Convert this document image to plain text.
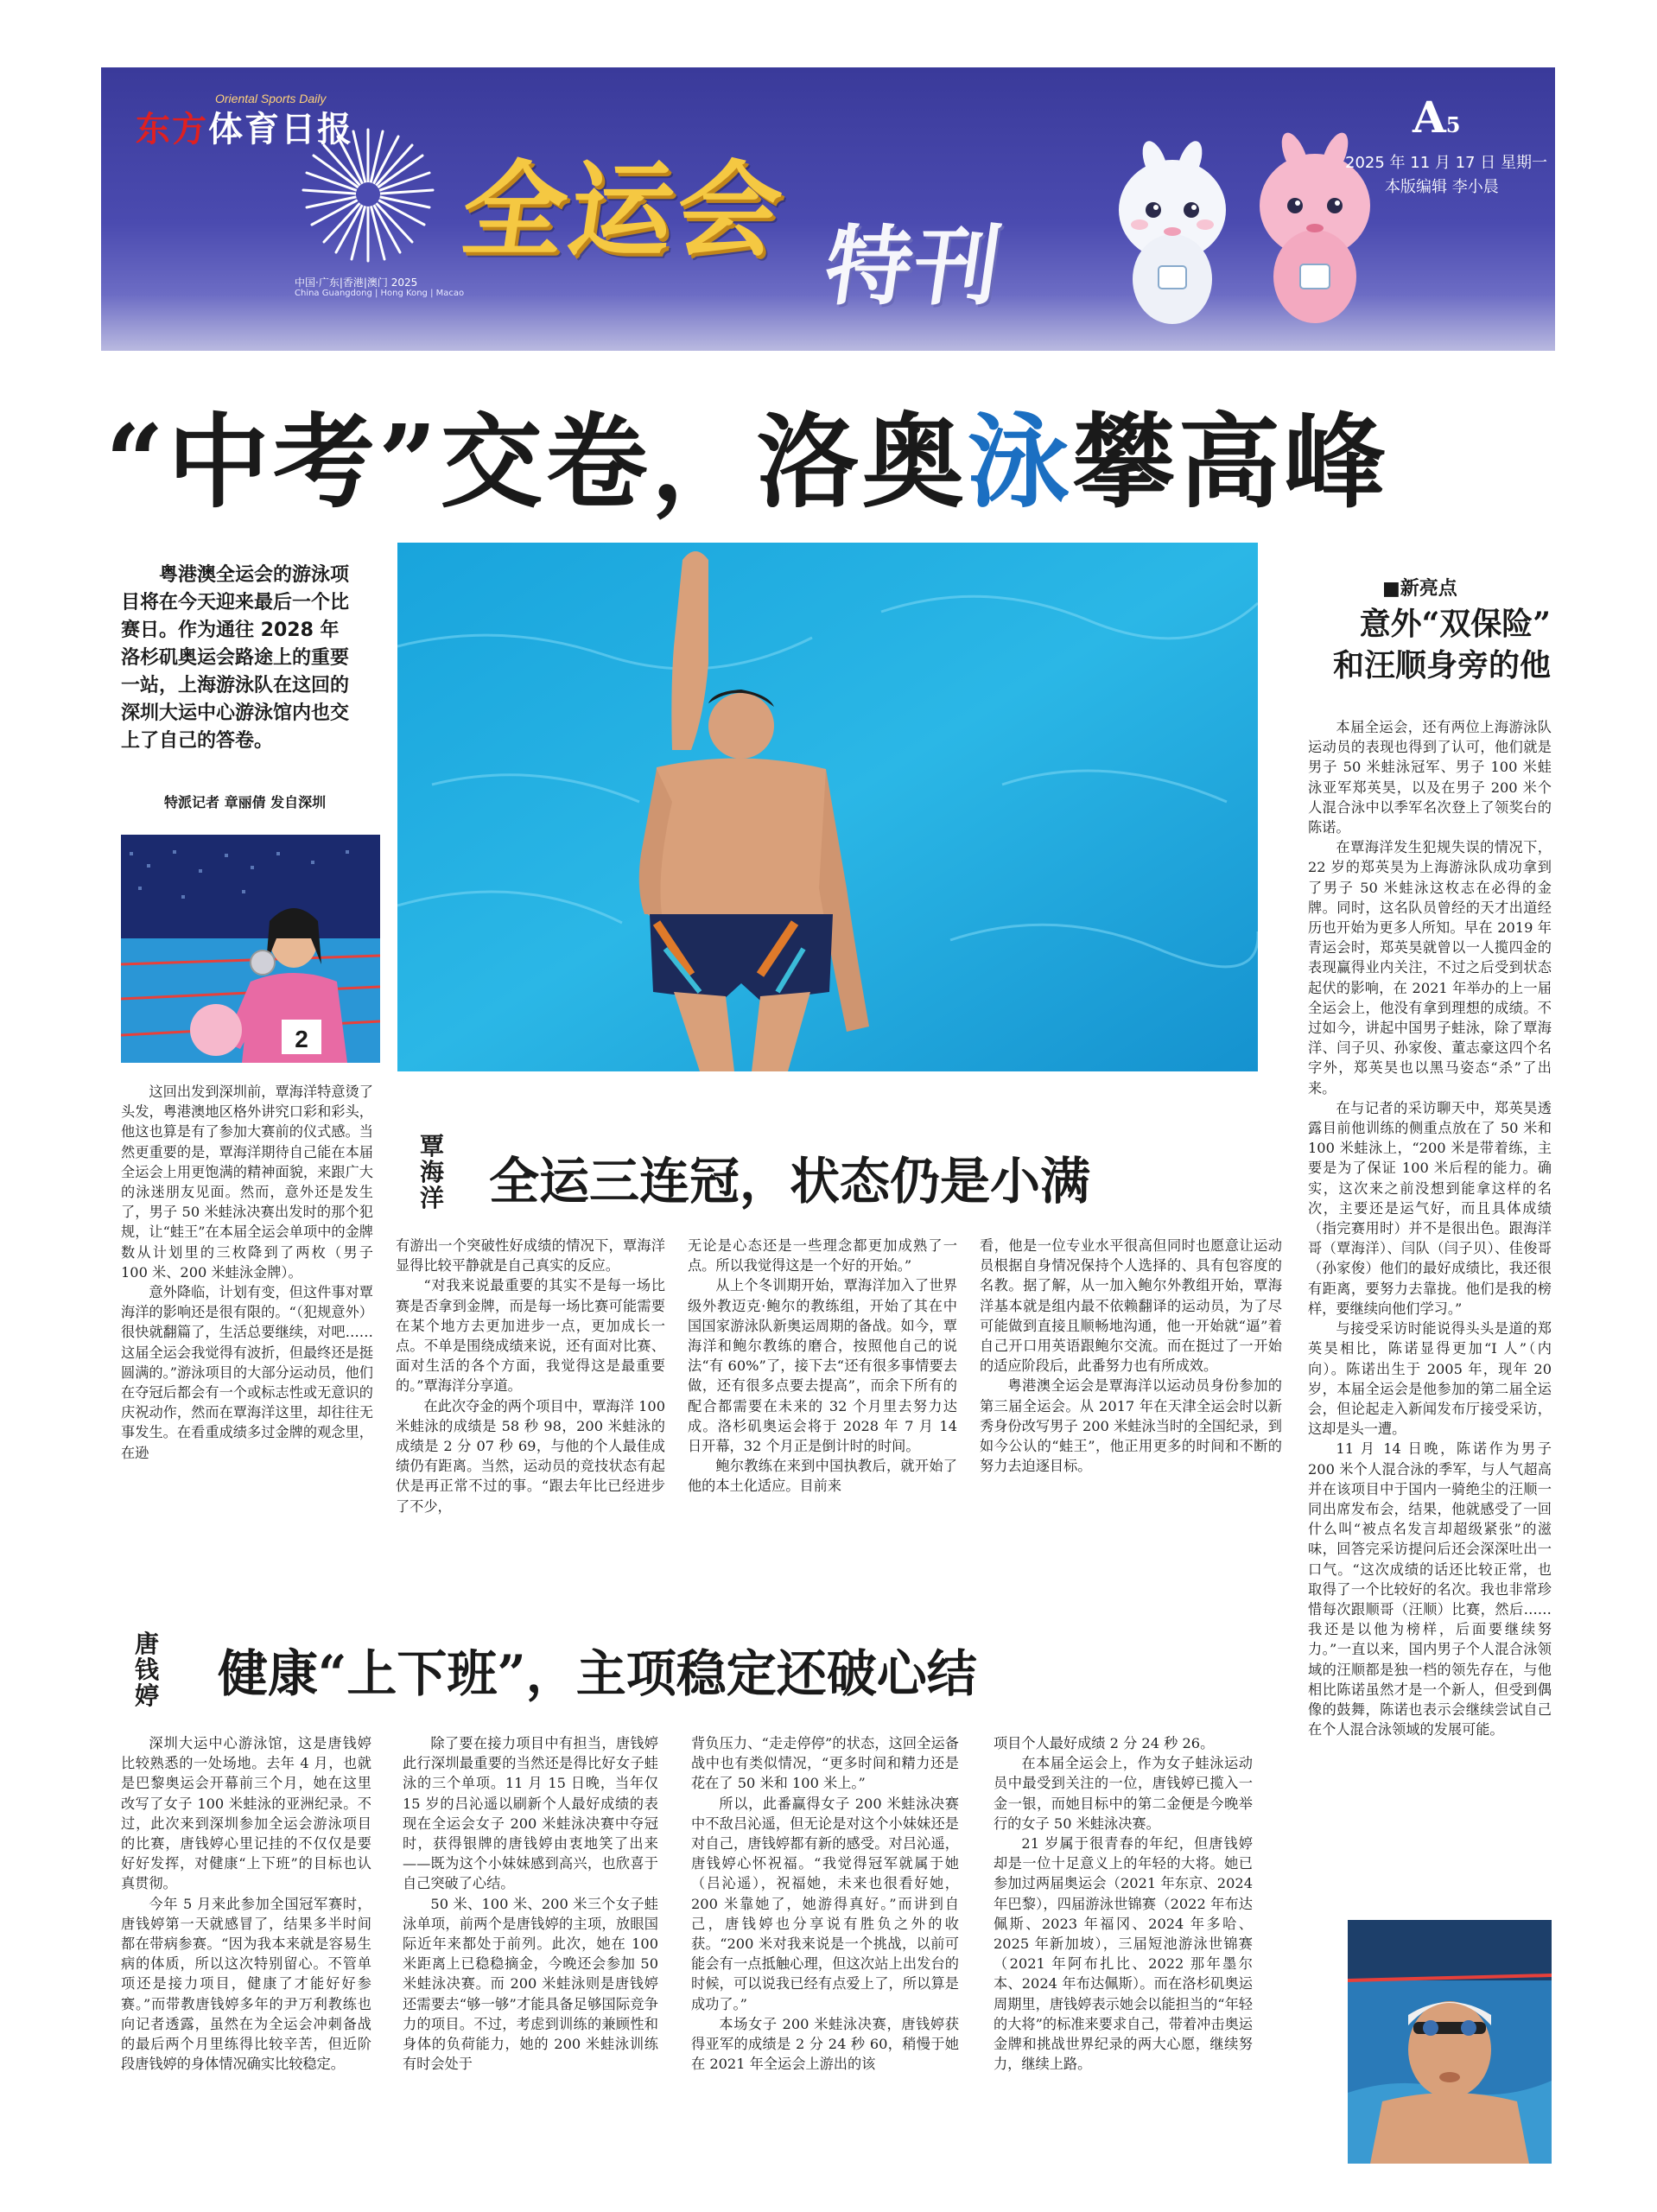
Oriental Sports Daily
东方体育日报
中国·广东|香港|澳门 2025
China Guangdong | Hong Kong | Macao
全运会 特刊
A5
2025 年 11 月 17 日 星期一
本版编辑 李小晨
“中考”交卷，洛奥泳攀高峰
粤港澳全运会的游泳项目将在今天迎来最后一个比赛日。作为通往 2028 年洛杉矶奥运会路途上的重要一站，上海游泳队在这回的深圳大运中心游泳馆内也交上了自己的答卷。
特派记者 章丽倩 发自深圳
2
■新亮点
意外“双保险”
和汪顺身旁的他

本届全运会，还有两位上海游泳队运动员的表现也得到了认可，他们就是男子 50 米蛙泳冠军、男子 100 米蛙泳亚军郑英昊，以及在男子 200 米个人混合泳中以季军名次登上了领奖台的陈诺。

在覃海洋发生犯规失误的情况下，22 岁的郑英昊为上海游泳队成功拿到了男子 50 米蛙泳这枚志在必得的金牌。同时，这名队员曾经的天才出道经历也开始为更多人所知。早在 2019 年青运会时，郑英昊就曾以一人揽四金的表现赢得业内关注，不过之后受到状态起伏的影响，在 2021 年举办的上一届全运会上，他没有拿到理想的成绩。不过如今，讲起中国男子蛙泳，除了覃海洋、闫子贝、孙家俊、董志豪这四个名字外，郑英昊也以黑马姿态“杀”了出来。

在与记者的采访聊天中，郑英昊透露目前他训练的侧重点放在了 50 米和 100 米蛙泳上，“200 米是带着练，主要是为了保证 100 米后程的能力。确实，这次来之前没想到能拿这样的名次，主要还是运气好，而且具体成绩（指完赛用时）并不是很出色。跟海洋哥（覃海洋）、闫队（闫子贝）、佳俊哥（孙家俊）他们的最好成绩比，我还很有距离，要努力去靠拢。他们是我的榜样，要继续向他们学习。”

与接受采访时能说得头头是道的郑英昊相比，陈诺显得更加“I 人”（内向）。陈诺出生于 2005 年，现年 20 岁，本届全运会是他参加的第二届全运会，但论起走入新闻发布厅接受采访，这却是头一遭。

11 月 14 日晚，陈诺作为男子 200 米个人混合泳的季军，与人气超高并在该项目中于国内一骑绝尘的汪顺一同出席发布会，结果，他就感受了一回什么叫“被点名发言却超级紧张”的滋味，回答完采访提问后还会深深吐出一口气。“这次成绩的话还比较正常，也取得了一个比较好的名次。我也非常珍惜每次跟顺哥（汪顺）比赛，然后……我还是以他为榜样，后面要继续努力。”一直以来，国内男子个人混合泳领域的汪顺都是独一档的领先存在，与他相比陈诺虽然才是一个新人，但受到偶像的鼓舞，陈诺也表示会继续尝试自己在个人混合泳领域的发展可能。

覃海洋 全运三连冠，状态仍是小满

这回出发到深圳前，覃海洋特意烫了头发，粤港澳地区格外讲究口彩和彩头，他这也算是有了参加大赛前的仪式感。当然更重要的是，覃海洋期待自己能在本届全运会上用更饱满的精神面貌，来跟广大的泳迷朋友见面。然而，意外还是发生了，男子 50 米蛙泳决赛出发时的那个犯规，让“蛙王”在本届全运会单项中的金牌数从计划里的三枚降到了两枚（男子 100 米、200 米蛙泳金牌）。

意外降临，计划有变，但这件事对覃海洋的影响还是很有限的。“（犯规意外）很快就翻篇了，生活总要继续，对吧……这届全运会我觉得有波折，但最终还是挺圆满的。”游泳项目的大部分运动员，他们在夺冠后都会有一个或标志性或无意识的庆祝动作，然而在覃海洋这里，却往往无事发生。在看重成绩多过金牌的观念里，在逊

有游出一个突破性好成绩的情况下，覃海洋显得比较平静就是自己真实的反应。

“对我来说最重要的其实不是每一场比赛是否拿到金牌，而是每一场比赛可能需要在某个地方去更加进步一点，更加成长一点。不单是围绕成绩来说，还有面对比赛、面对生活的各个方面，我觉得这是最重要的。”覃海洋分享道。

在此次夺金的两个项目中，覃海洋 100 米蛙泳的成绩是 58 秒 98，200 米蛙泳的成绩是 2 分 07 秒 69，与他的个人最佳成绩仍有距离。当然，运动员的竞技状态有起伏是再正常不过的事。“跟去年比已经进步了不少，

无论是心态还是一些理念都更加成熟了一点。所以我觉得这是一个好的开始。”

从上个冬训期开始，覃海洋加入了世界级外教迈克·鲍尔的教练组，开始了其在中国国家游泳队新奥运周期的备战。如今，覃海洋和鲍尔教练的磨合，按照他自己的说法“有 60%”了，接下去“还有很多事情要去做，还有很多点要去提高”，而余下所有的配合都需要在未来的 32 个月里去努力达成。洛杉矶奥运会将于 2028 年 7 月 14 日开幕，32 个月正是倒计时的时间。

鲍尔教练在来到中国执教后，就开始了他的本土化适应。目前来

看，他是一位专业水平很高但同时也愿意让运动员根据自身情况保持个人选择的、具有包容度的名教。据了解，从一加入鲍尔外教组开始，覃海洋基本就是组内最不依赖翻译的运动员，为了尽可能做到直接且顺畅地沟通，他一开始就“逼”着自己开口用英语跟鲍尔交流。而在挺过了一开始的适应阶段后，此番努力也有所成效。

粤港澳全运会是覃海洋以运动员身份参加的第三届全运会。从 2017 年在天津全运会时以新秀身份改写男子 200 米蛙泳当时的全国纪录，到如今公认的“蛙王”，他正用更多的时间和不断的努力去迫逐目标。

唐钱婷 健康“上下班”，主项稳定还破心结

深圳大运中心游泳馆，这是唐钱婷比较熟悉的一处场地。去年 4 月，也就是巴黎奥运会开幕前三个月，她在这里改写了女子 100 米蛙泳的亚洲纪录。不过，此次来到深圳参加全运会游泳项目的比赛，唐钱婷心里记挂的不仅仅是要好好发挥，对健康“上下班”的目标也认真贯彻。

今年 5 月来此参加全国冠军赛时，唐钱婷第一天就感冒了，结果多半时间都在带病参赛。“因为我本来就是容易生病的体质，所以这次特别留心。不管单项还是接力项目，健康了才能好好参赛。”而带教唐钱婷多年的尹万利教练也向记者透露，虽然在为全运会冲刺备战的最后两个月里练得比较辛苦，但近阶段唐钱婷的身体情况确实比较稳定。

除了要在接力项目中有担当，唐钱婷此行深圳最重要的当然还是得比好女子蛙泳的三个单项。11 月 15 日晚，当年仅 15 岁的吕沁遥以刷新个人最好成绩的表现在全运会女子 200 米蛙泳决赛中夺冠时，获得银牌的唐钱婷由衷地笑了出来——既为这个小妹妹感到高兴，也欣喜于自己突破了心结。

50 米、100 米、200 米三个女子蛙泳单项，前两个是唐钱婷的主项，放眼国际近年来都处于前列。此次，她在 100 米距离上已稳稳摘金，今晚还会参加 50 米蛙泳决赛。而 200 米蛙泳则是唐钱婷还需要去“够一够”才能具备足够国际竞争力的项目。不过，考虑到训练的兼顾性和身体的负荷能力，她的 200 米蛙泳训练有时会处于

背负压力、“走走停停”的状态，这回全运备战中也有类似情况，“更多时间和精力还是花在了 50 米和 100 米上。”

所以，此番赢得女子 200 米蛙泳决赛中不敌吕沁遥，但无论是对这个小妹妹还是对自己，唐钱婷都有新的感受。对吕沁遥，唐钱婷心怀祝福。“我觉得冠军就属于她（吕沁遥），祝福她，未来也很看好她，200 米靠她了，她游得真好。”而讲到自己，唐钱婷也分享说有胜负之外的收获。“200 米对我来说是一个挑战，以前可能会有一点抵触心理，但这次站上出发台的时候，可以说我已经有点爱上了，所以算是成功了。”

本场女子 200 米蛙泳决赛，唐钱婷获得亚军的成绩是 2 分 24 秒 60，稍慢于她在 2021 年全运会上游出的该

项目个人最好成绩 2 分 24 秒 26。

在本届全运会上，作为女子蛙泳运动员中最受到关注的一位，唐钱婷已揽入一金一银，而她目标中的第二金便是今晚举行的女子 50 米蛙泳决赛。

21 岁属于很青春的年纪，但唐钱婷却是一位十足意义上的年轻的大将。她已参加过两届奥运会（2021 年东京、2024 年巴黎），四届游泳世锦赛（2022 年布达佩斯、2023 年福冈、2024 年多哈、2025 年新加坡），三届短池游泳世锦赛（2021 年阿布扎比、2022 那年墨尔本、2024 年布达佩斯）。而在洛杉矶奥运周期里，唐钱婷表示她会以能担当的“年轻的大将”的标准来要求自己，带着冲击奥运金牌和挑战世界纪录的两大心愿，继续努力，继续上路。
